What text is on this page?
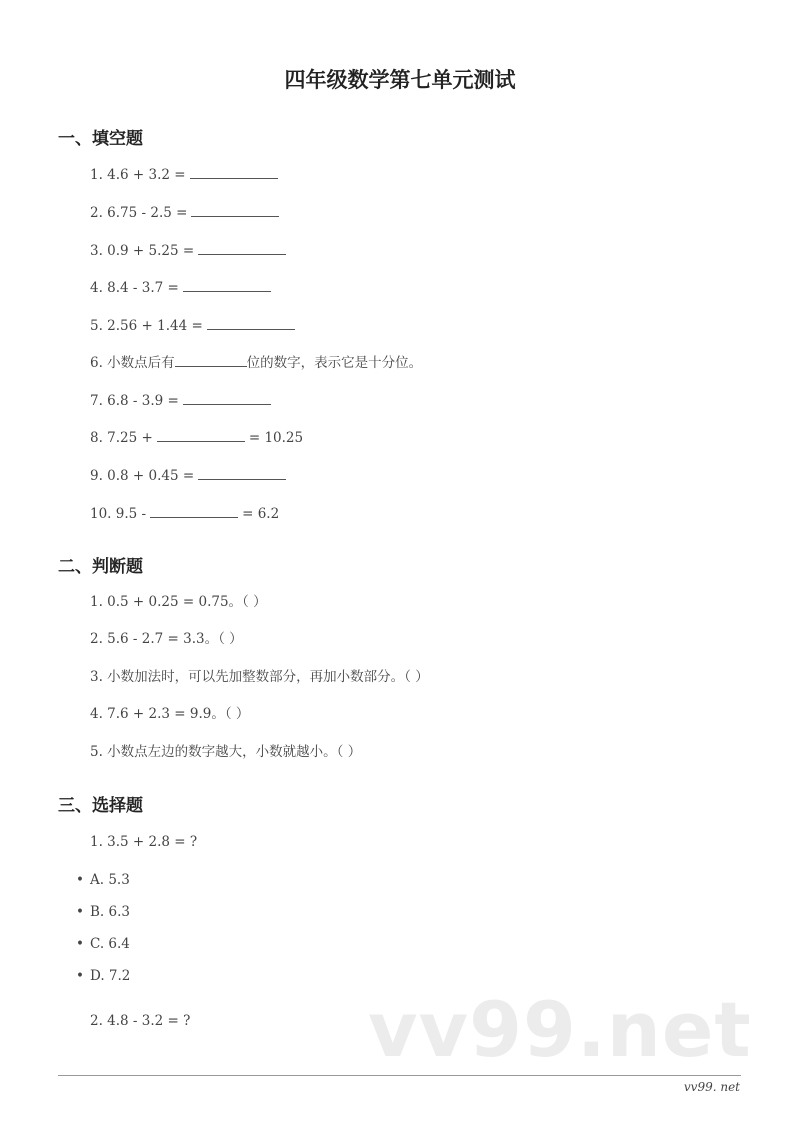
四年级数学第七单元测试
一、填空题
1. 4.6 + 3.2 =
2. 6.75 - 2.5 =
3. 0.9 + 5.25 =
4. 8.4 - 3.7 =
5. 2.56 + 1.44 =
6. 小数点后有	位的数字，表示它是十分位。
7. 6.8 - 3.9 =
8. 7.25 +	= 10.25
9. 0.8 + 0.45 =
10. 9.5 -	= 6.2
二、判断题
1. 0.5 + 0.25 = 0.75。（ ）
2. 5.6 - 2.7 = 3.3。（ ）
3. 小数加法时，可以先加整数部分，再加小数部分。（ ）
4. 7.6 + 2.3 = 9.9。（ ）
5. 小数点左边的数字越大，小数就越小。（ ）
三、选择题
1. 3.5 + 2.8 = ?
• A. 5.3
• B. 6.3
• C. 6.4
• D. 7.2
2. 4.8 - 3.2 = ? vv99.net
vv99. net
